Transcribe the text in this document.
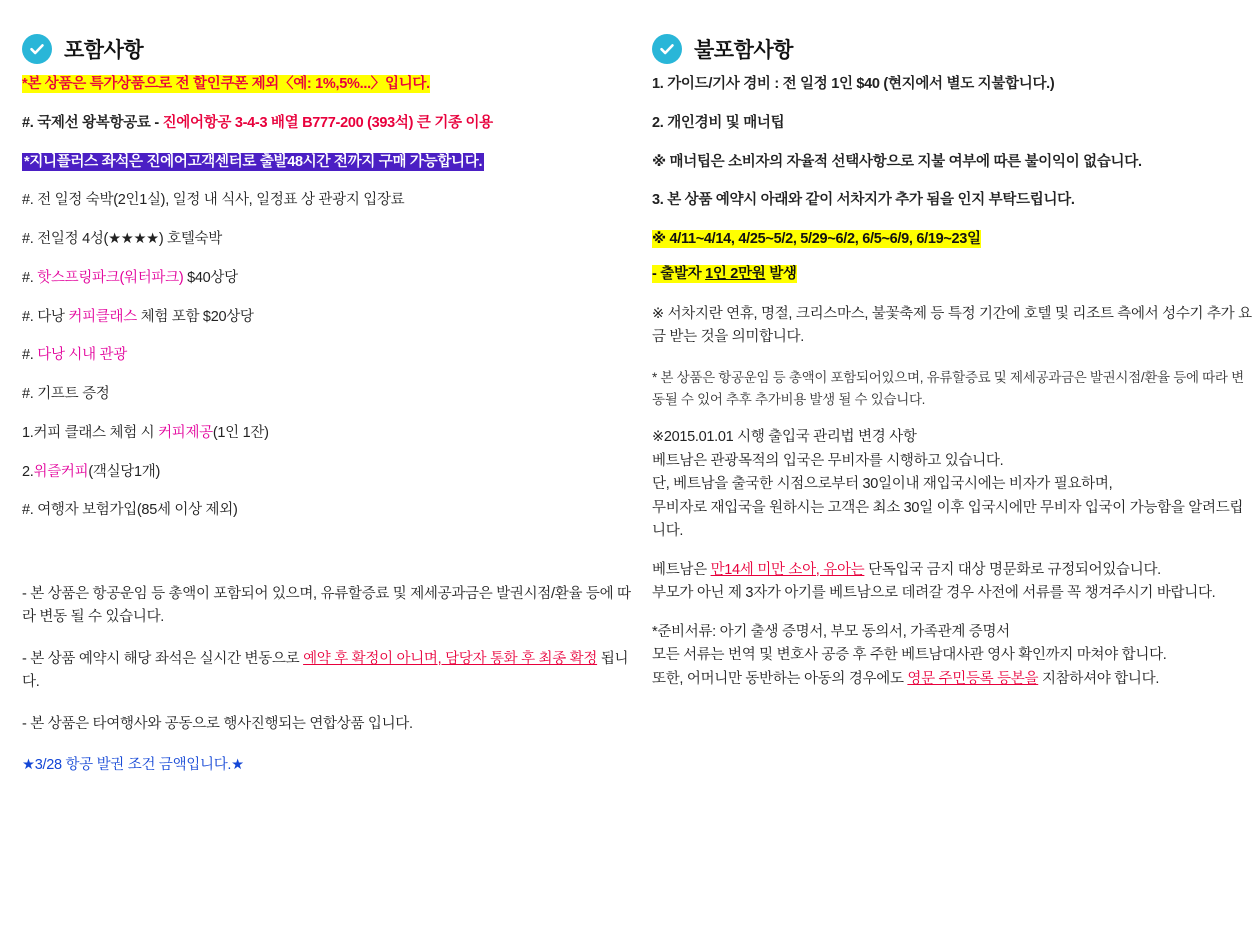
포함사항

*본 상품은 특가상품으로 전 할인쿠폰 제외〈예: 1%,5%...〉입니다.

#. 국제선 왕복항공료 - 진에어항공 3-4-3 배열 B777-200 (393석) 큰 기종 이용

*지니플러스 좌석은 진에어고객센터로 출발48시간 전까지 구매 가능합니다.

#. 전 일정 숙박(2인1실), 일정 내 식사, 일정표 상 관광지 입장료

#. 전일정 4성(★★★★) 호텔숙박

#. 핫스프링파크(워터파크) $40상당

#. 다낭 커피클래스 체험 포함 $20상당

#. 다낭 시내 관광

#. 기프트 증정

1.커피 클래스 체험 시 커피제공(1인 1잔)

2.위즐커피(객실당1개)

#. 여행자 보험가입(85세 이상 제외)

- 본 상품은 항공운임 등 총액이 포함되어 있으며, 유류할증료 및 제세공과금은 발권시점/환율 등에 따라 변동 될 수 있습니다.

- 본 상품 예약시 해당 좌석은 실시간 변동으로 예약 후 확정이 아니며, 담당자 통화 후 최종 확정 됩니다.

- 본 상품은 타여행사와 공동으로 행사진행되는 연합상품 입니다.

★3/28 항공 발권 조건 금액입니다.★

불포함사항

1. 가이드/기사 경비 : 전 일정 1인 $40 (현지에서 별도 지불합니다.)

2. 개인경비 및 매너팁

※ 매너팁은 소비자의 자율적 선택사항으로 지불 여부에 따른 불이익이 없습니다.

3. 본 상품 예약시 아래와 같이 서차지가 추가 됨을 인지 부탁드립니다.

※ 4/11~4/14, 4/25~5/2, 5/29~6/2, 6/5~6/9, 6/19~23일

- 출발자 1인 2만원 발생

※ 서차지란 연휴, 명절, 크리스마스, 불꽃축제 등 특정 기간에 호텔 및 리조트 측에서 성수기 추가 요금 받는 것을 의미합니다.

* 본 상품은 항공운임 등 총액이 포함되어있으며, 유류할증료 및 제세공과금은 발권시점/환율 등에 따라 변동될 수 있어 추후 추가비용 발생 될 수 있습니다.

※2015.01.01 시행 출입국 관리법 변경 사항
베트남은 관광목적의 입국은 무비자를 시행하고 있습니다.
단, 베트남을 출국한 시점으로부터 30일이내 재입국시에는 비자가 필요하며,
무비자로 재입국을 원하시는 고객은 최소 30일 이후 입국시에만 무비자 입국이 가능함을 알려드립니다.

베트남은 만14세 미만 소아, 유아는 단독입국 금지 대상 명문화로 규정되어있습니다.
부모가 아닌 제 3자가 아기를 베트남으로 데려갈 경우 사전에 서류를 꼭 챙겨주시기 바랍니다.

*준비서류: 아기 출생 증명서, 부모 동의서, 가족관계 증명서
모든 서류는 번역 및 변호사 공증 후 주한 베트남대사관 영사 확인까지 마쳐야 합니다.
또한, 어머니만 동반하는 아동의 경우에도 영문 주민등록 등본을 지참하셔야 합니다.
